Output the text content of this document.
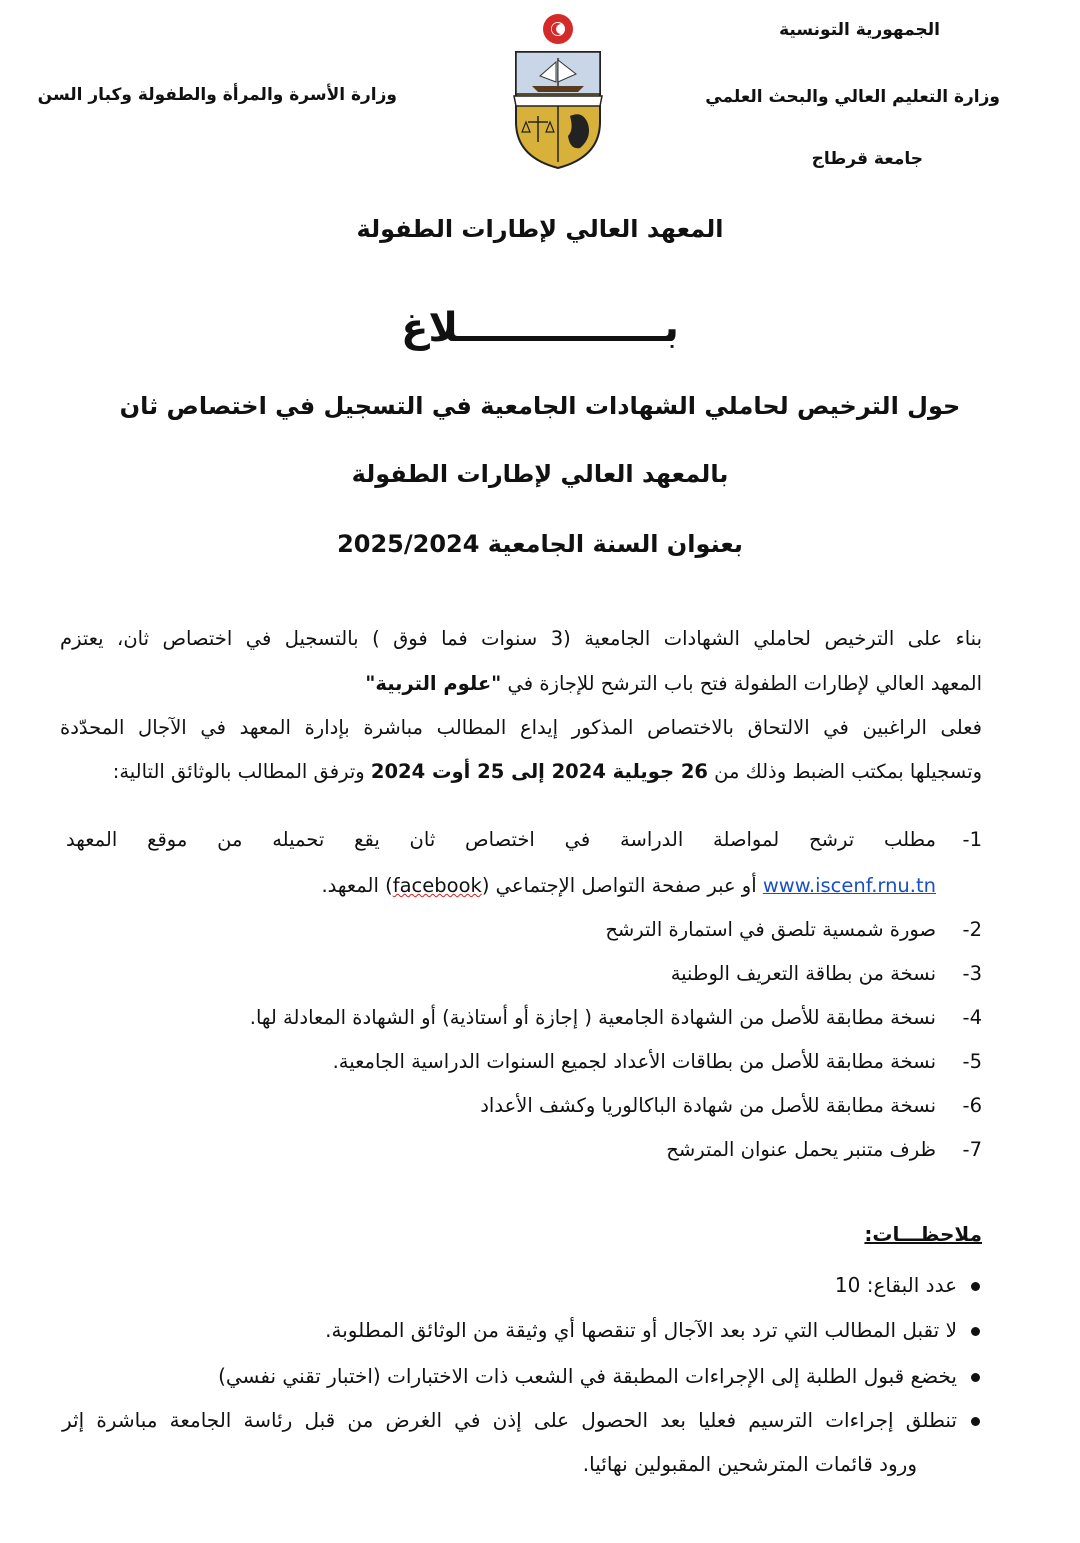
الجمهورية التونسية
وزارة التعليم العالي والبحث العلمي
جامعة قرطاج
وزارة الأسرة والمرأة والطفولة وكبار السن
المعهد العالي لإطارات الطفولة
بـــــــــــــــلاغ
حول الترخيص لحاملي الشهادات الجامعية في التسجيل في اختصاص ثان
بالمعهد العالي لإطارات الطفولة
بعنوان السنة الجامعية 2025/2024
بناء على الترخيص لحاملي الشهادات الجامعية (3 سنوات فما فوق ) بالتسجيل في اختصاص ثان، يعتزم
المعهد العالي لإطارات الطفولة فتح باب الترشح للإجازة في "علوم التربية"
فعلى الراغبين في الالتحاق بالاختصاص المذكور إيداع المطالب مباشرة بإدارة المعهد في الآجال المحدّدة
وتسجيلها بمكتب الضبط وذلك من 26 جويلية 2024 إلى 25 أوت 2024 وترفق المطالب بالوثائق التالية:
1-مطلب ترشح لمواصلة الدراسة في اختصاص ثان يقع تحميله من موقع المعهد
www.iscenf.rnu.tn أو عبر صفحة التواصل الإجتماعي (facebook) المعهد.
2-صورة شمسية تلصق في استمارة الترشح
3-نسخة من بطاقة التعريف الوطنية
4-نسخة مطابقة للأصل من الشهادة الجامعية ( إجازة أو أستاذية) أو الشهادة المعادلة لها.
5-نسخة مطابقة للأصل من بطاقات الأعداد لجميع السنوات الدراسية الجامعية.
6-نسخة مطابقة للأصل من شهادة الباكالوريا وكشف الأعداد
7-ظرف متنبر يحمل عنوان المترشح
ملاحظـــات:
عدد البقاع: 10
لا تقبل المطالب التي ترد بعد الآجال أو تنقصها أي وثيقة من الوثائق المطلوبة.
يخضع قبول الطلبة إلى الإجراءات المطبقة في الشعب ذات الاختبارات (اختبار تقني نفسي)
تنطلق إجراءات الترسيم فعليا بعد الحصول على إذن في الغرض من قبل رئاسة الجامعة مباشرة إثر
ورود قائمات المترشحين المقبولين نهائيا.
